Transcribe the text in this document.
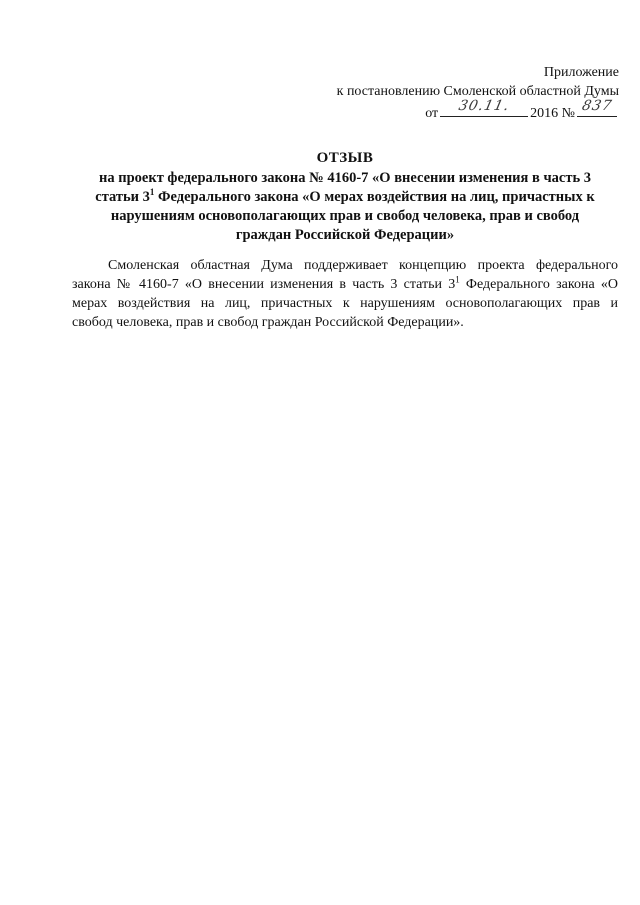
Приложение
к постановлению Смоленской областной Думы
от	30.11.	2016 № 837
ОТЗЫВ
на проект федерального закона № 4160-7 «О внесении изменения в часть 3
статьи $3^1$ Федерального закона «О мерах воздействия на лиц, причастных к
нарушениям основополагающих прав и свобод человека, прав и свобод
граждан Российской Федерации»
Смоленская областная Дума поддерживает концепцию проекта федерального
закона № 4160-7 «О внесении изменения в часть 3 статьи $3^1$ Федерального закона «О
мерах воздействия на лиц, причастных к нарушениям основополагающих прав и
свобод человека, прав и свобод граждан Российской Федерации».
